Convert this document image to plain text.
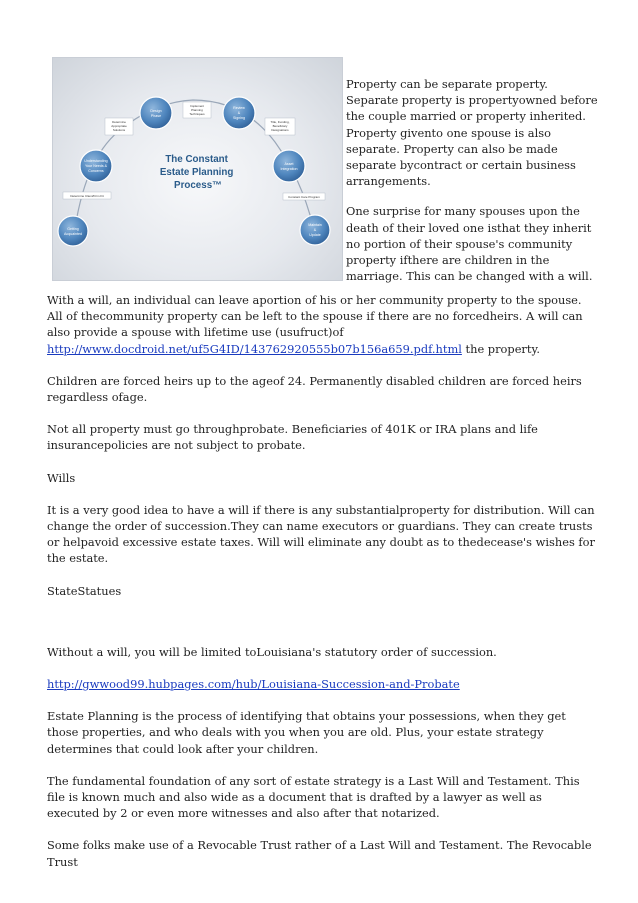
Getting Acquainted
Understanding Your Needs & Concerns
Design Phase
Review & Signing
Asset Integration
Maintain & Update
Determine Client/Firm Fit
Determine Appropriate Solutions
Implement Planning Techniques
Title, Funding, Beneficiary Designations
Constant Care Program
The Constant Estate Planning Process™

Property can be separate property. Separate property is propertyowned before the couple married or property inherited. Property givento one spouse is also separate. Property can also be made separate bycontract or certain business arrangements.

One surprise for many spouses upon the death of their loved one isthat they inherit no portion of their spouse's community property ifthere are children in the marriage. This can be changed with a will.

With a will, an individual can leave aportion of his or her community property to the spouse. All of thecommunity property can be left to the spouse if there are no forcedheirs. A will can also provide a spouse with lifetime use (usufruct)of
http://www.docdroid.net/uf5G4ID/143762920555b07b156a659.pdf.html the property.

Children are forced heirs up to the ageof 24. Permanently disabled children are forced heirs regardless ofage.

Not all property must go throughprobate. Beneficiaries of 401K or IRA plans and life insurancepolicies are not subject to probate.

Wills

It is a very good idea to have a will if there is any substantialproperty for distribution. Will can change the order of succession.They can name executors or guardians. They can create trusts or helpavoid excessive estate taxes. Will will eliminate any doubt as to thedecease's wishes for the estate.

StateStatues

Without a will, you will be limited toLouisiana's statutory order of succession.

http://gwwood99.hubpages.com/hub/Louisiana-Succession-and-Probate

Estate Planning is the process of identifying that obtains your possessions, when they get those properties, and who deals with you when you are old. Plus, your estate strategy determines that could look after your children.

The fundamental foundation of any sort of estate strategy is a Last Will and Testament. This file is known much and also wide as a document that is drafted by a lawyer as well as executed by 2 or even more witnesses and also after that notarized.

Some folks make use of a Revocable Trust rather of a Last Will and Testament. The Revocable Trust
